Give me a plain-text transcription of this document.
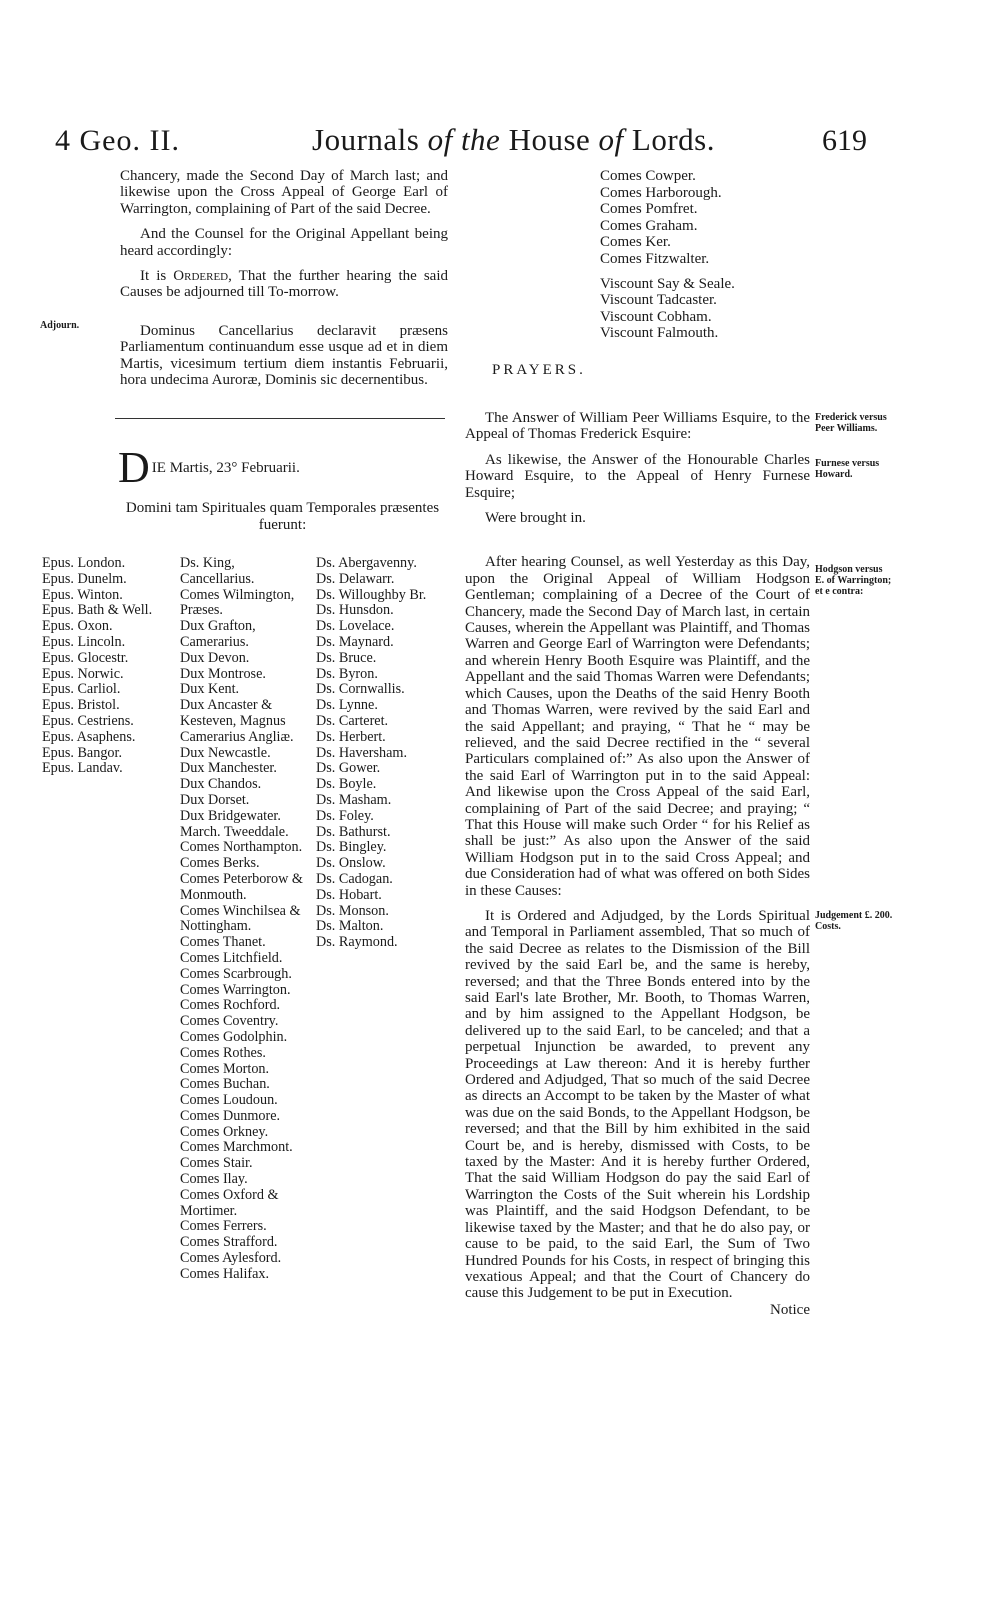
4 Geo. II.	Journals of the House of Lords.	619

Chancery, made the Second Day of March last; and likewise upon the Cross Appeal of George Earl of Warrington, complaining of Part of the said Decree.

And the Counsel for the Original Appellant being heard accordingly:

It is Ordered, That the further hearing the said Causes be adjourned till To-morrow.

Dominus Cancellarius declaravit præsens Parliamentum continuandum esse usque ad et in diem Martis, vicesimum tertium diem instantis Februarii, hora undecima Auroræ, Dominis sic decernentibus.

Adjourn.
D IE Martis, 23° Februarii.
Domini tam Spirituales quam Temporales præsentes fuerunt:
Epus. London.
Epus. Dunelm.
Epus. Winton.
Epus. Bath & Well.
Epus. Oxon.
Epus. Lincoln.
Epus. Glocestr.
Epus. Norwic.
Epus. Carliol.
Epus. Bristol.
Epus. Cestriens.
Epus. Asaphens.
Epus. Bangor.
Epus. Landav.
Ds. King, Cancellarius.
Comes Wilmington, Præses.
Dux Grafton, Camerarius.
Dux Devon.
Dux Montrose.
Dux Kent.
Dux Ancaster & Kesteven, Magnus Camerarius Angliæ.
Dux Newcastle.
Dux Manchester.
Dux Chandos.
Dux Dorset.
Dux Bridgewater.
March. Tweeddale.
Comes Northampton.
Comes Berks.
Comes Peterborow & Monmouth.
Comes Winchilsea & Nottingham.
Comes Thanet.
Comes Litchfield.
Comes Scarbrough.
Comes Warrington.
Comes Rochford.
Comes Coventry.
Comes Godolphin.
Comes Rothes.
Comes Morton.
Comes Buchan.
Comes Loudoun.
Comes Dunmore.
Comes Orkney.
Comes Marchmont.
Comes Stair.
Comes Ilay.
Comes Oxford & Mortimer.
Comes Ferrers.
Comes Strafford.
Comes Aylesford.
Comes Halifax.
Ds. Abergavenny.
Ds. Delawarr.
Ds. Willoughby Br.
Ds. Hunsdon.
Ds. Lovelace.
Ds. Maynard.
Ds. Bruce.
Ds. Byron.
Ds. Cornwallis.
Ds. Lynne.
Ds. Carteret.
Ds. Herbert.
Ds. Haversham.
Ds. Gower.
Ds. Boyle.
Ds. Masham.
Ds. Foley.
Ds. Bathurst.
Ds. Bingley.
Ds. Onslow.
Ds. Cadogan.
Ds. Hobart.
Ds. Monson.
Ds. Malton.
Ds. Raymond.
Comes Cowper.
Comes Harborough.
Comes Pomfret.
Comes Graham.
Comes Ker.
Comes Fitzwalter.
Viscount Say & Seale.
Viscount Tadcaster.
Viscount Cobham.
Viscount Falmouth.
PRAYERS.

The Answer of William Peer Williams Esquire, to the Appeal of Thomas Frederick Esquire:

As likewise, the Answer of the Honourable Charles Howard Esquire, to the Appeal of Henry Furnese Esquire;

Were brought in.

After hearing Counsel, as well Yesterday as this Day, upon the Original Appeal of William Hodgson Gentleman; complaining of a Decree of the Court of Chancery, made the Second Day of March last, in certain Causes, wherein the Appellant was Plaintiff, and Thomas Warren and George Earl of Warrington were Defendants; and wherein Henry Booth Esquire was Plaintiff, and the Appellant and the said Thomas Warren were Defendants; which Causes, upon the Deaths of the said Henry Booth and Thomas Warren, were revived by the said Earl and the said Appellant; and praying, “ That he “ may be relieved, and the said Decree rectified in the “ several Particulars complained of:” As also upon the Answer of the said Earl of Warrington put in to the said Appeal: And likewise upon the Cross Appeal of the said Earl, complaining of Part of the said Decree; and praying; “ That this House will make such Order “ for his Relief as shall be just:” As also upon the Answer of the said William Hodgson put in to the said Cross Appeal; and due Consideration had of what was offered on both Sides in these Causes:

It is Ordered and Adjudged, by the Lords Spiritual and Temporal in Parliament assembled, That so much of the said Decree as relates to the Dismission of the Bill revived by the said Earl be, and the same is hereby, reversed; and that the Three Bonds entered into by the said Earl's late Brother, Mr. Booth, to Thomas Warren, and by him assigned to the Appellant Hodgson, be delivered up to the said Earl, to be canceled; and that a perpetual Injunction be awarded, to prevent any Proceedings at Law thereon: And it is hereby further Ordered and Adjudged, That so much of the said Decree as directs an Accompt to be taken by the Master of what was due on the said Bonds, to the Appellant Hodgson, be reversed; and that the Bill by him exhibited in the said Court be, and is hereby, dismissed with Costs, to be taxed by the Master: And it is hereby further Ordered, That the said William Hodgson do pay the said Earl of Warrington the Costs of the Suit wherein his Lordship was Plaintiff, and the said Hodgson Defendant, to be likewise taxed by the Master; and that he do also pay, or cause to be paid, to the said Earl, the Sum of Two Hundred Pounds for his Costs, in respect of bringing this vexatious Appeal; and that the Court of Chancery do cause this Judgement to be put in Execution.

Frederick versus Peer Williams.
Furnese versus Howard.
Hodgson versus E. of Warrington; et e contra:
Judgement £. 200. Costs.
Notice
